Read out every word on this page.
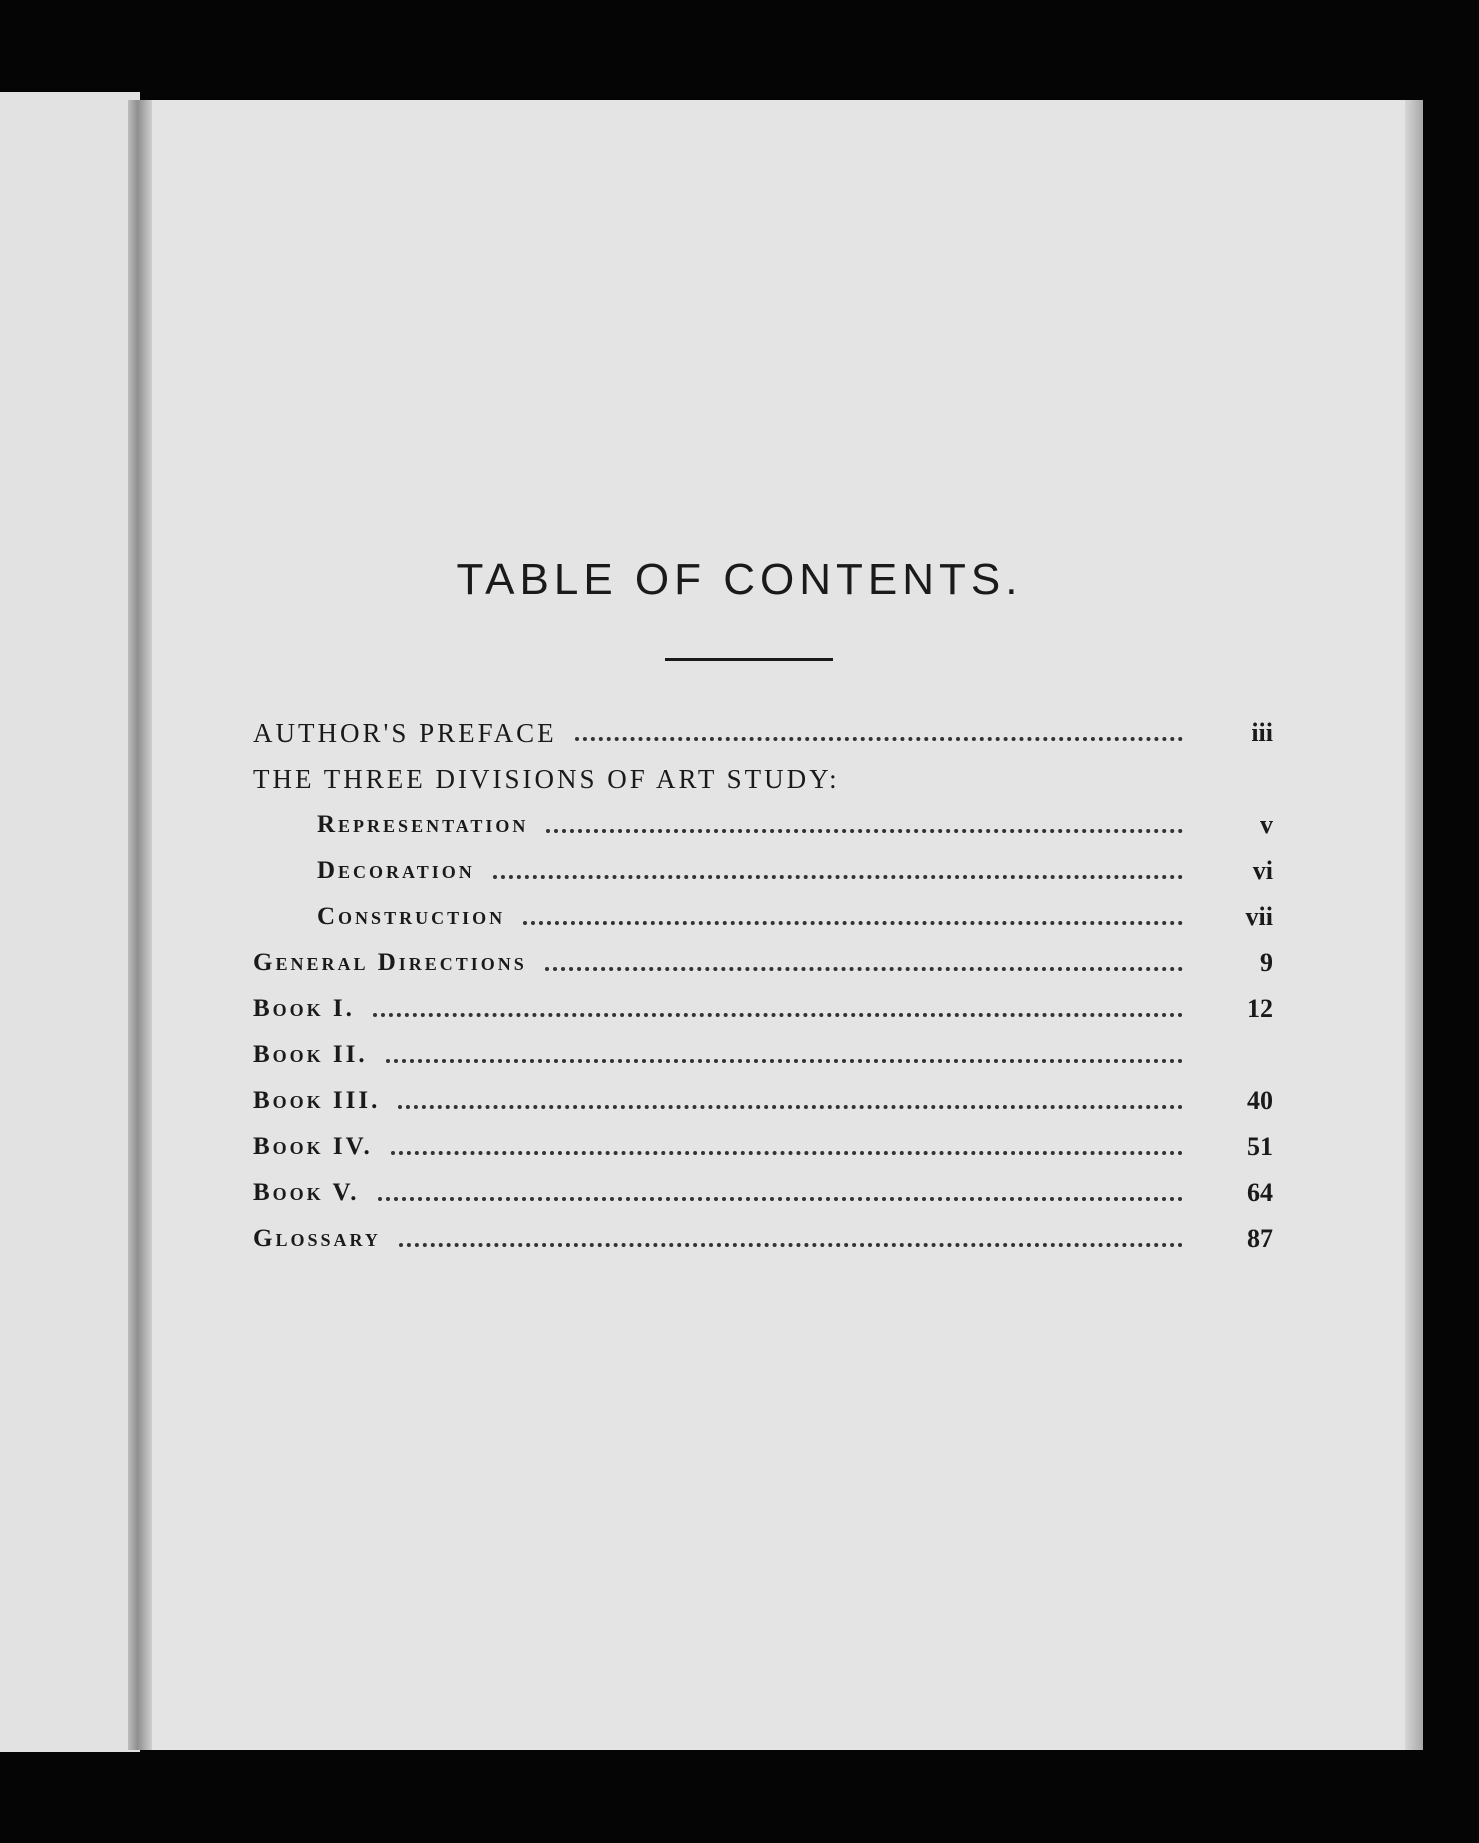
TABLE OF CONTENTS.
AUTHOR'S PREFACE	iii
THE THREE DIVISIONS OF ART STUDY:
Representation	v
Decoration	vi
Construction	vii
General Directions	9
Book I.	12
Book II.
Book III.	40
Book IV.	51
Book V.	64
Glossary	87
